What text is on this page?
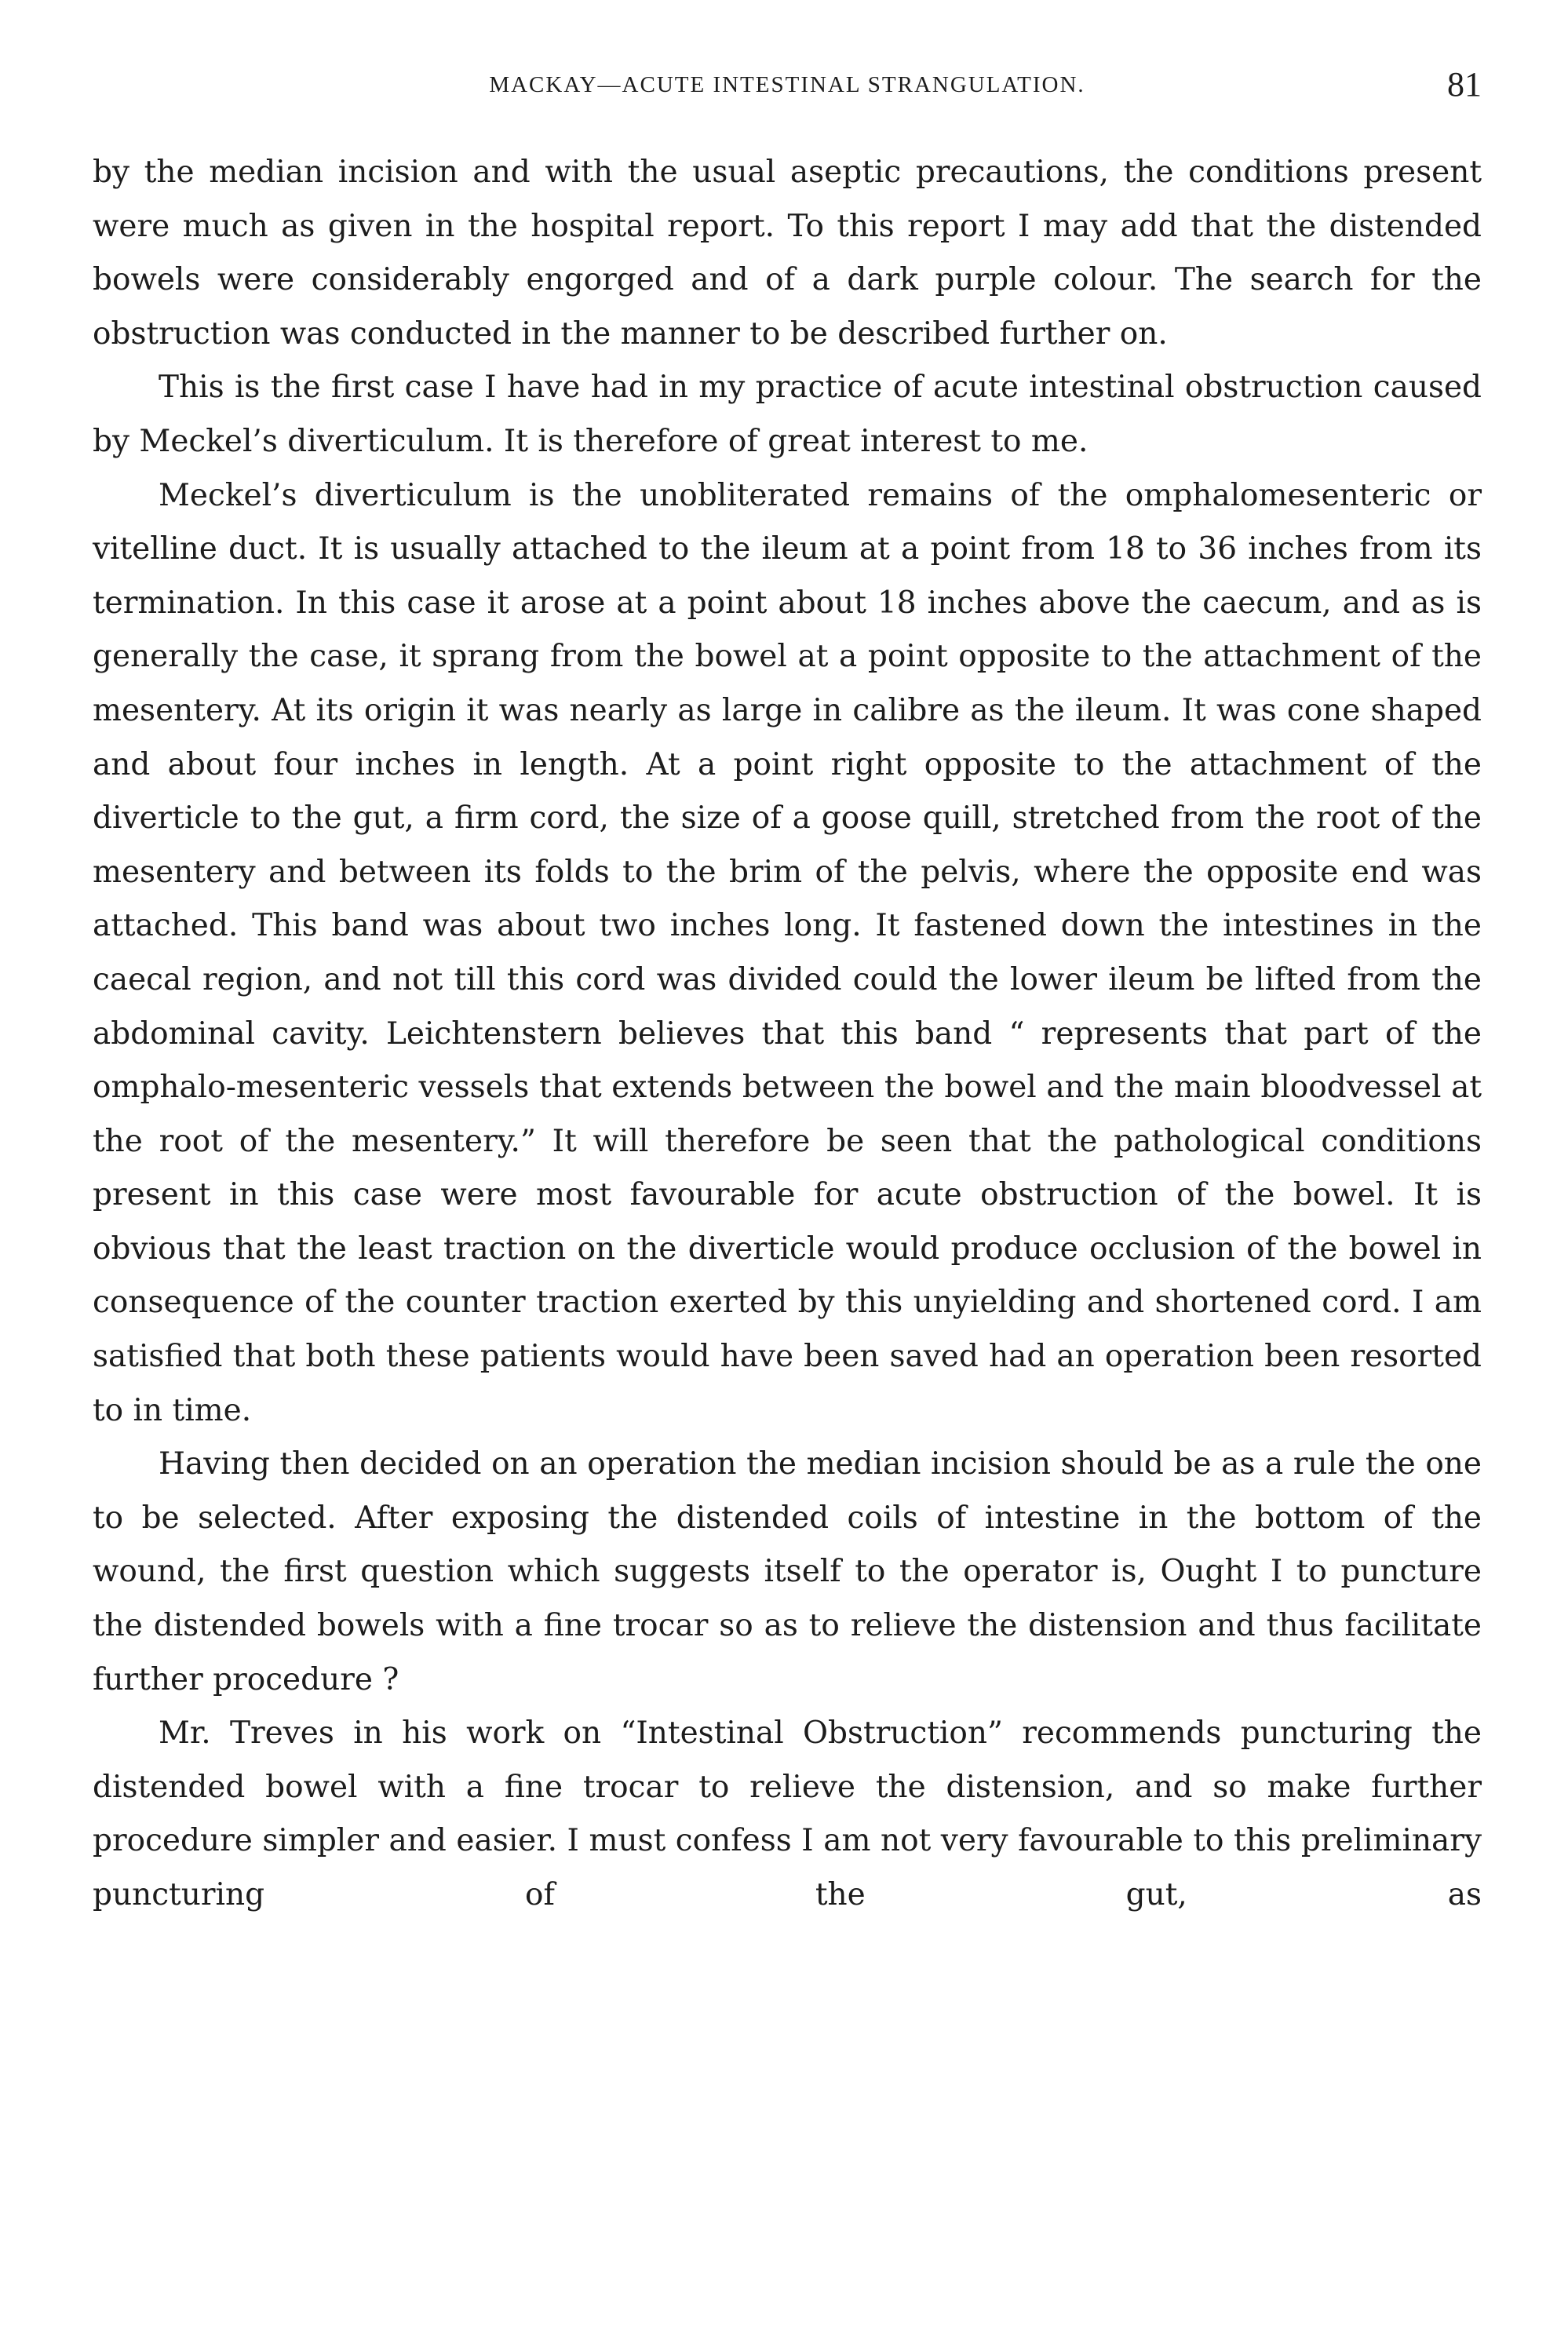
MACKAY—ACUTE INTESTINAL STRANGULATION.	81

by the median incision and with the usual aseptic precautions, the conditions present were much as given in the hospital report. To this report I may add that the distended bowels were considerably engorged and of a dark purple colour. The search for the obstruction was conducted in the manner to be described further on.

This is the first case I have had in my practice of acute intestinal obstruction caused by Meckel’s diverticulum. It is therefore of great interest to me.

Meckel’s diverticulum is the unobliterated remains of the omphalomesenteric or vitelline duct. It is usually attached to the ileum at a point from 18 to 36 inches from its termination. In this case it arose at a point about 18 inches above the caecum, and as is generally the case, it sprang from the bowel at a point opposite to the attachment of the mesentery. At its origin it was nearly as large in calibre as the ileum. It was cone shaped and about four inches in length. At a point right opposite to the attachment of the diverticle to the gut, a firm cord, the size of a goose quill, stretched from the root of the mesentery and between its folds to the brim of the pelvis, where the opposite end was attached. This band was about two inches long. It fastened down the intestines in the caecal region, and not till this cord was divided could the lower ileum be lifted from the abdominal cavity. Leichtenstern believes that this band “ represents that part of the omphalo-mesenteric vessels that extends between the bowel and the main bloodvessel at the root of the mesentery.” It will therefore be seen that the pathological conditions present in this case were most favourable for acute obstruction of the bowel. It is obvious that the least traction on the diverticle would produce occlusion of the bowel in consequence of the counter traction exerted by this unyielding and shortened cord. I am satisfied that both these patients would have been saved had an operation been resorted to in time.

Having then decided on an operation the median incision should be as a rule the one to be selected. After exposing the distended coils of intestine in the bottom of the wound, the first question which suggests itself to the operator is, Ought I to puncture the distended bowels with a fine trocar so as to relieve the distension and thus facilitate further procedure ?

Mr. Treves in his work on “Intestinal Obstruction” recommends puncturing the distended bowel with a fine trocar to relieve the distension, and so make further procedure simpler and easier. I must confess I am not very favourable to this preliminary puncturing of the gut, as
